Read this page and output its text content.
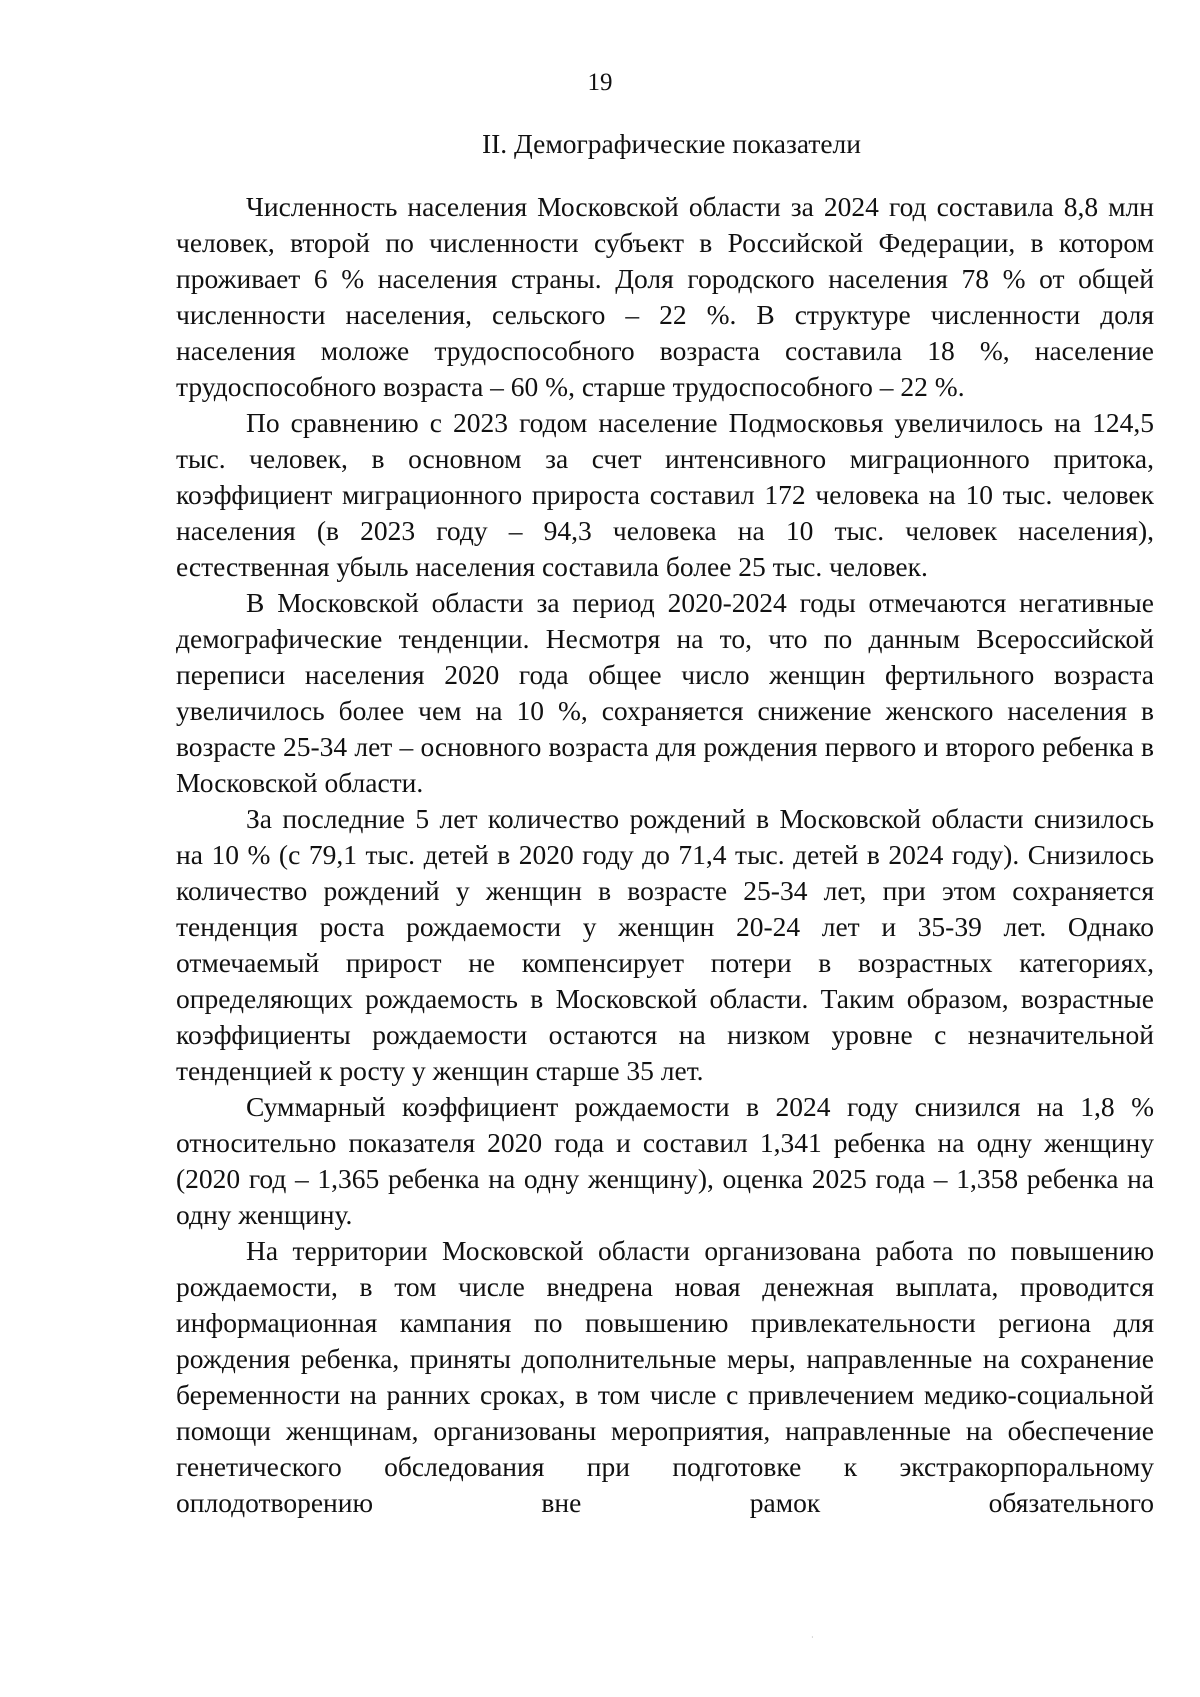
19

II. Демографические показатели

Численность населения Московской области за 2024 год составила 8,8 млн человек, второй по численности субъект в Российской Федерации, в котором проживает 6 % населения страны. Доля городского населения 78 % от общей численности населения, сельского – 22 %. В структуре численности доля населения моложе трудоспособного возраста составила 18 %, население трудоспособного возраста – 60 %, старше трудоспособного – 22 %.

По сравнению с 2023 годом население Подмосковья увеличилось на 124,5 тыс. человек, в основном за счет интенсивного миграционного притока, коэффициент миграционного прироста составил 172 человека на 10 тыс. человек населения (в 2023 году – 94,3 человека на 10 тыс. человек населения), естественная убыль населения составила более 25 тыс. человек.

В Московской области за период 2020-2024 годы отмечаются негативные демографические тенденции. Несмотря на то, что по данным Всероссийской переписи населения 2020 года общее число женщин фертильного возраста увеличилось более чем на 10 %, сохраняется снижение женского населения в возрасте 25-34 лет – основного возраста для рождения первого и второго ребенка в Московской области.

За последние 5 лет количество рождений в Московской области снизилось на 10 % (с 79,1 тыс. детей в 2020 году до 71,4 тыс. детей в 2024 году). Снизилось количество рождений у женщин в возрасте 25-34 лет, при этом сохраняется тенденция роста рождаемости у женщин 20-24 лет и 35-39 лет. Однако отмечаемый прирост не компенсирует потери в возрастных категориях, определяющих рождаемость в Московской области. Таким образом, возрастные коэффициенты рождаемости остаются на низком уровне с незначительной тенденцией к росту у женщин старше 35 лет.

Суммарный коэффициент рождаемости в 2024 году снизился на 1,8 % относительно показателя 2020 года и составил 1,341 ребенка на одну женщину (2020 год – 1,365 ребенка на одну женщину), оценка 2025 года – 1,358 ребенка на одну женщину.

На территории Московской области организована работа по повышению рождаемости, в том числе внедрена новая денежная выплата, проводится информационная кампания по повышению привлекательности региона для рождения ребенка, приняты дополнительные меры, направленные на сохранение беременности на ранних сроках, в том числе с привлечением медико-социальной помощи женщинам, организованы мероприятия, направленные на обеспечение генетического обследования при подготовке к экстракорпоральному оплодотворению вне рамок обязательного

·
